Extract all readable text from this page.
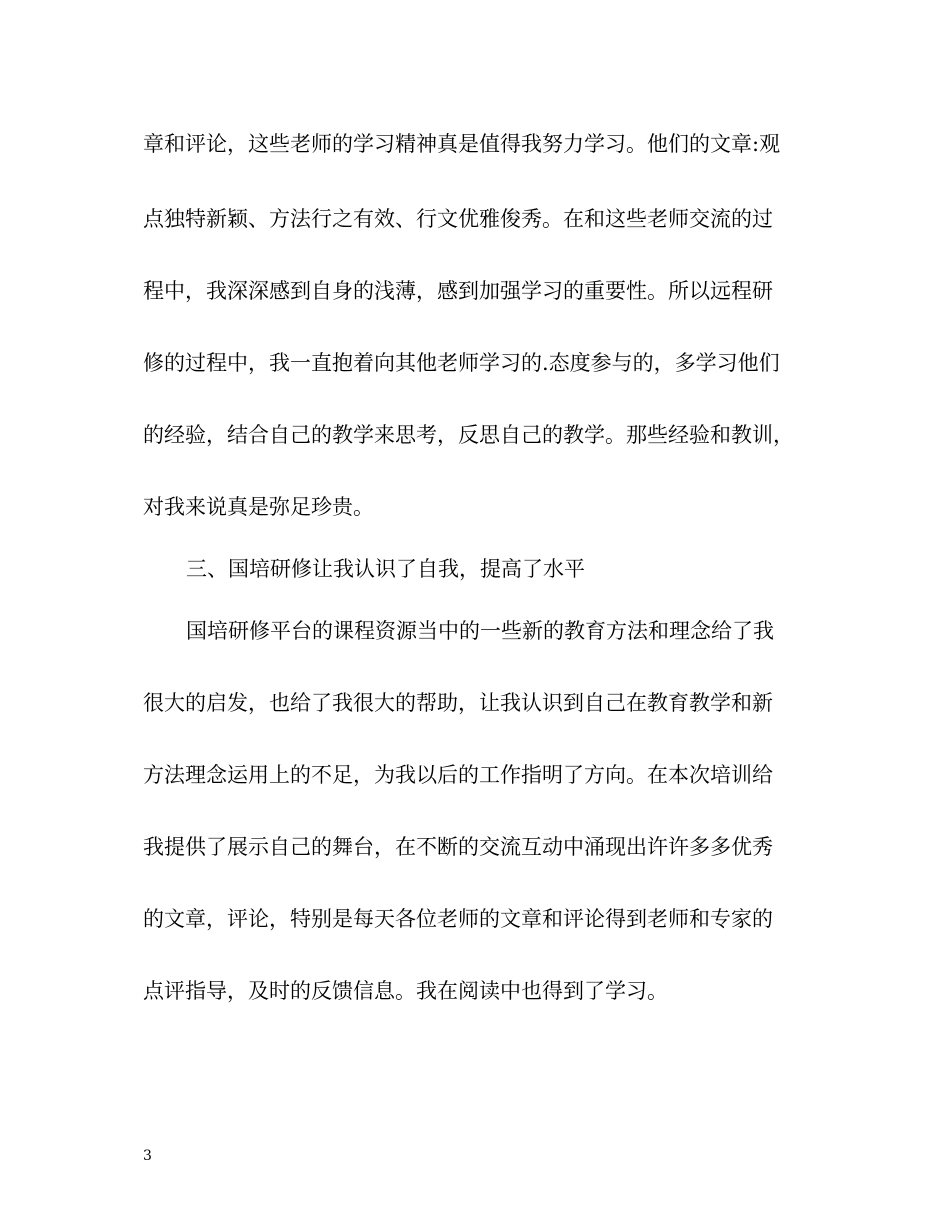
章和评论，这些老师的学习精神真是值得我努力学习。他们的文章:观
点独特新颖、方法行之有效、行文优雅俊秀。在和这些老师交流的过
程中，我深深感到自身的浅薄，感到加强学习的重要性。所以远程研
修的过程中，我一直抱着向其他老师学习的.态度参与的，多学习他们
的经验，结合自己的教学来思考，反思自己的教学。那些经验和教训，
对我来说真是弥足珍贵。
三、国培研修让我认识了自我，提高了水平
国培研修平台的课程资源当中的一些新的教育方法和理念给了我
很大的启发，也给了我很大的帮助，让我认识到自己在教育教学和新
方法理念运用上的不足，为我以后的工作指明了方向。在本次培训给
我提供了展示自己的舞台，在不断的交流互动中涌现出许许多多优秀
的文章，评论，特别是每天各位老师的文章和评论得到老师和专家的
点评指导，及时的反馈信息。我在阅读中也得到了学习。
3
